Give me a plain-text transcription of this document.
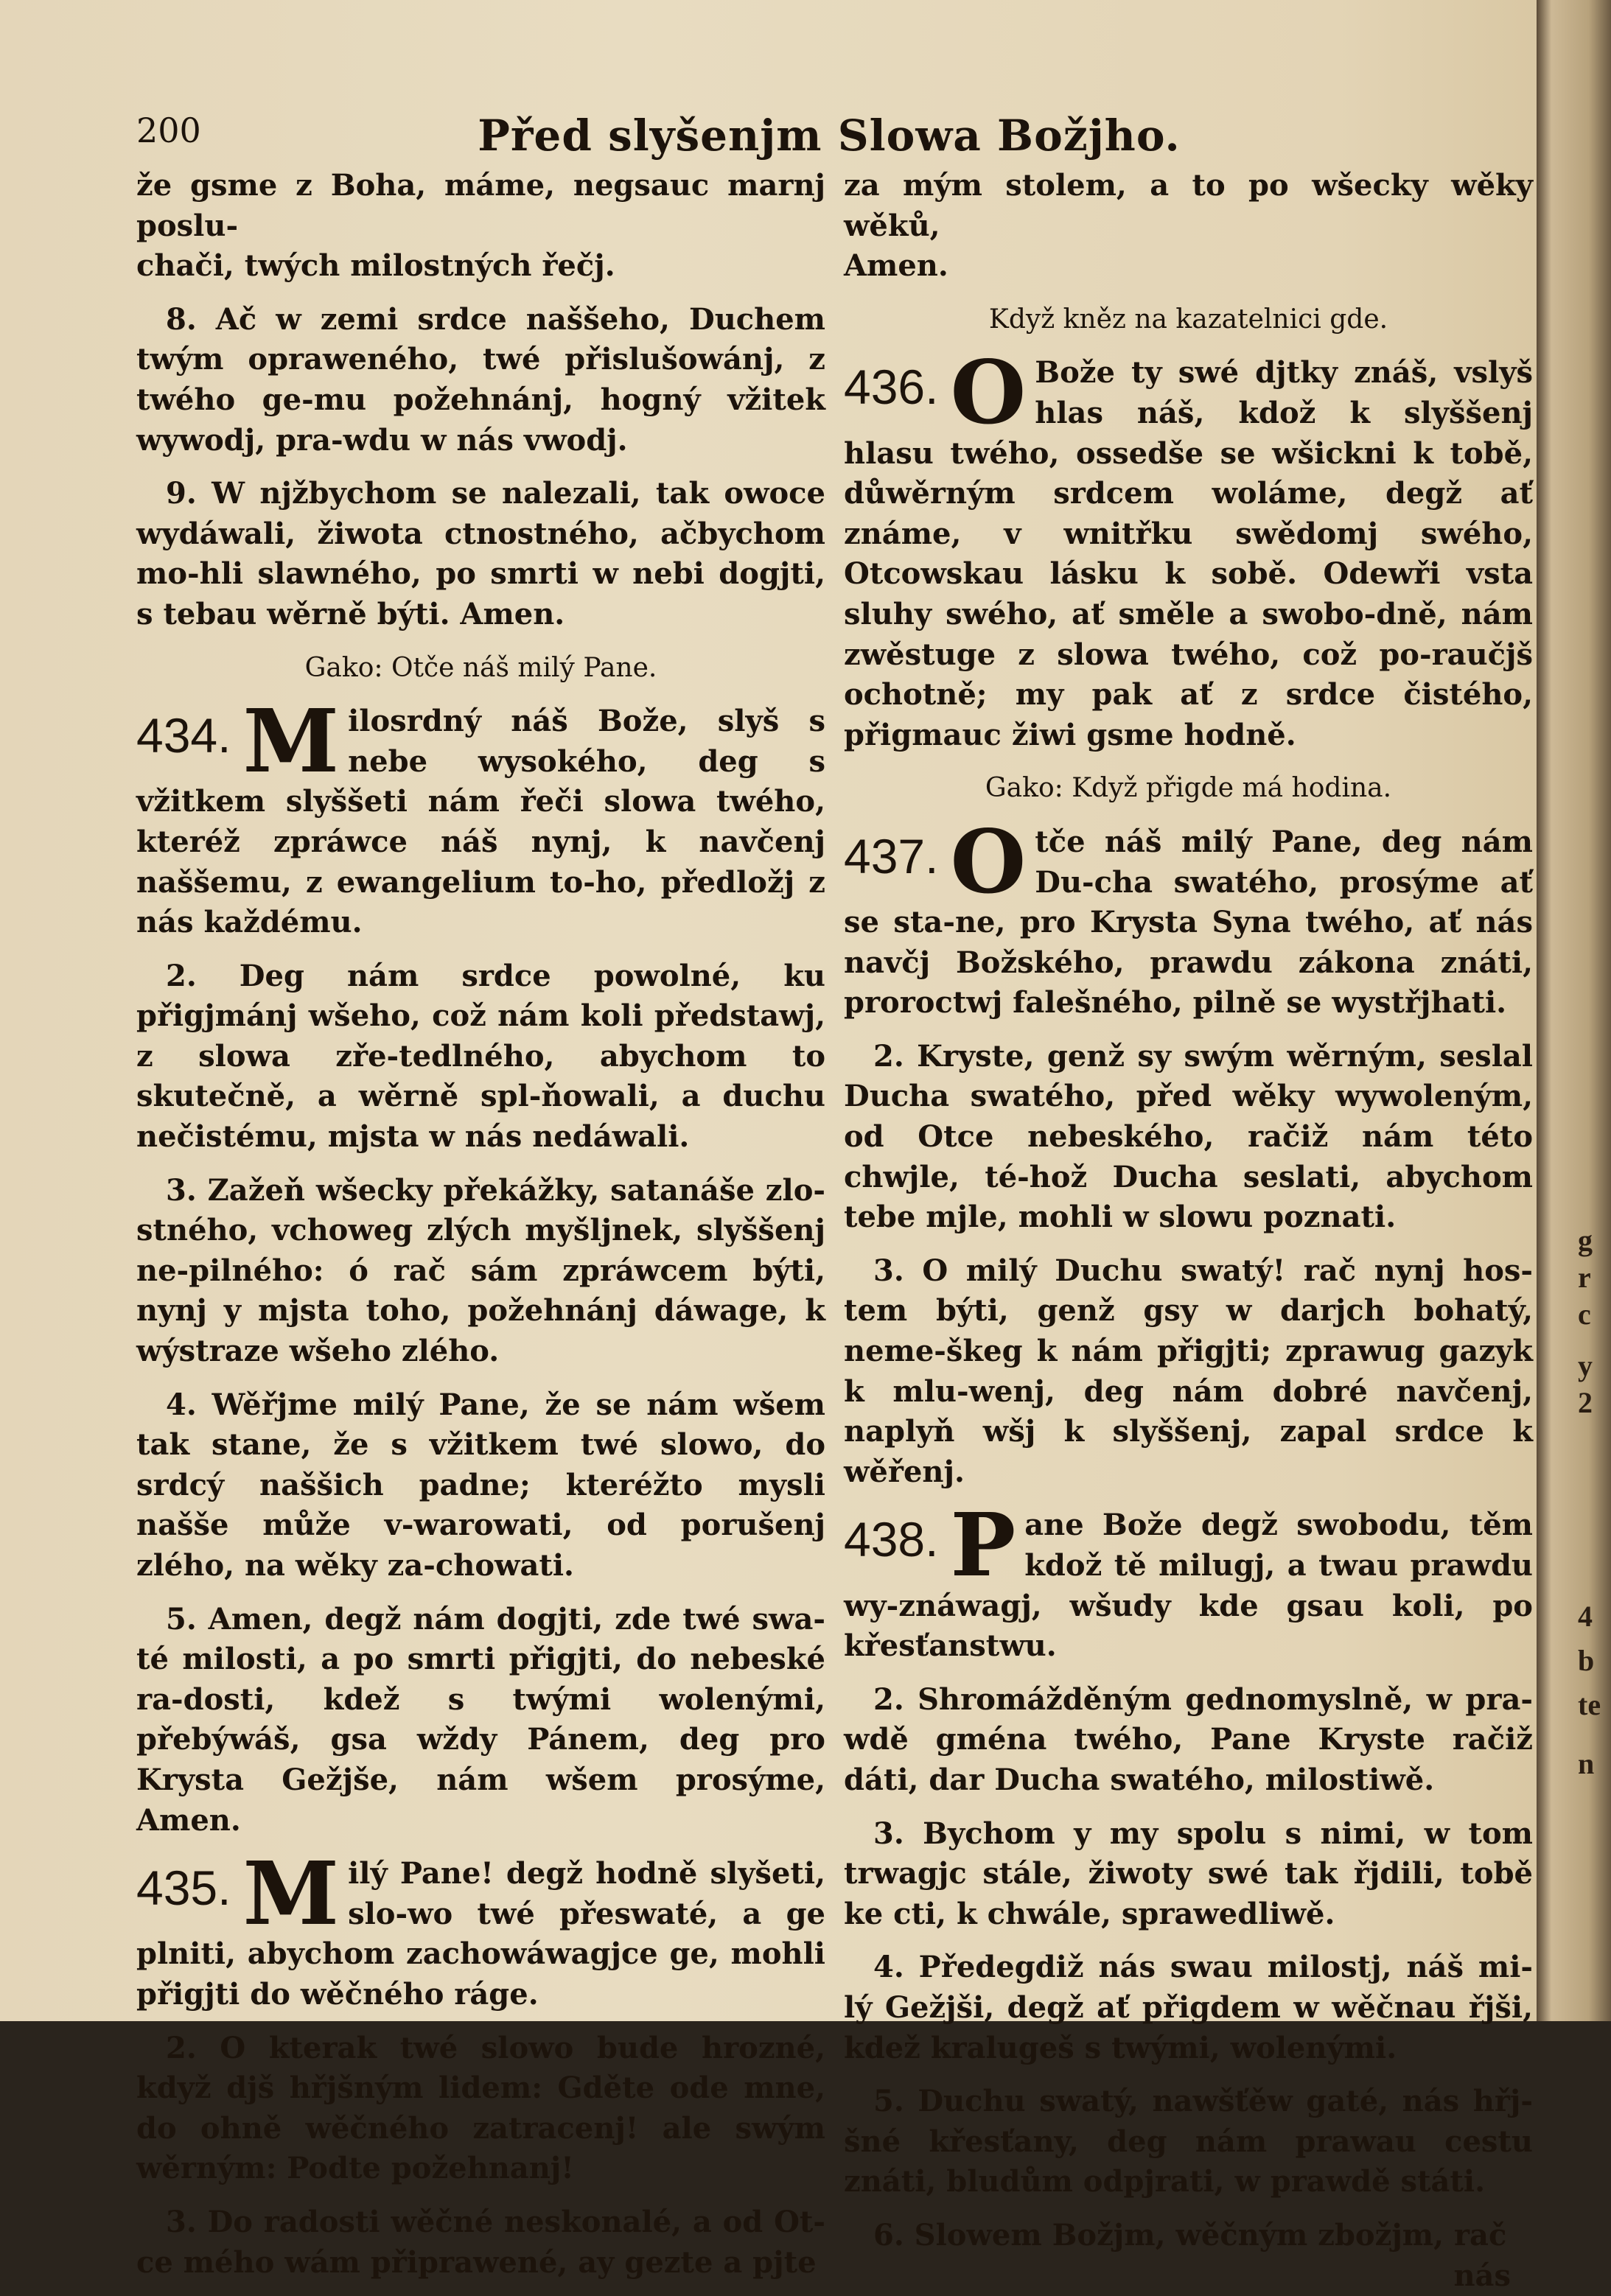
200	Před slyšenjm Slowa Božjho.

že gsme z Boha, máme, negsauc marnj poslu-

chači, twých milostných řečj.

8. Ač w zemi srdce naššeho, Duchem twým opraweného, twé přislušowánj, z twého ge-mu požehnánj, hogný vžitek wywodj, pra-wdu w nás vwodj.

9. W njžbychom se nalezali, tak owoce wydáwali, žiwota ctnostného, ačbychom mo-hli slawného, po smrti w nebi dogjti, s tebau wěrně býti. Amen.

Gako: Otče náš milý Pane.

434. M ilosrdný náš Bože, slyš s nebe wysokého, deg s vžitkem slyššeti nám řeči slowa twého, kteréž zpráwce náš nynj, k navčenj naššemu, z ewangelium to-ho, předložj z nás každému.

2. Deg nám srdce powolné, ku přigjmánj wšeho, což nám koli předstawj, z slowa zře-tedlného, abychom to skutečně, a wěrně spl-ňowali, a duchu nečistému, mjsta w nás nedáwali.

3. Zažeň wšecky překážky, satanáše zlo-stného, vchoweg zlých myšljnek, slyššenj ne-pilného: ó rač sám zpráwcem býti, nynj y mjsta toho, požehnánj dáwage, k wýstraze wšeho zlého.

4. Wěřjme milý Pane, že se nám wšem tak stane, že s vžitkem twé slowo, do srdcý naššich padne; kteréžto mysli našše může v-warowati, od porušenj zlého, na wěky za-chowati.

5. Amen, degž nám dogjti, zde twé swa-té milosti, a po smrti přigjti, do nebeské ra-dosti, kdež s twými wolenými, přebýwáš, gsa wždy Pánem, deg pro Krysta Gežjše, nám wšem prosýme, Amen.

435. M ilý Pane! degž hodně slyšeti, slo-wo twé přeswaté, a ge plniti, abychom zachowáwagjce ge, mohli přigjti do wěčného ráge.

2. O kterak twé slowo bude hrozné, když djš hřjšným lidem: Gděte ode mne, do ohně wěčného zatracenj! ale swým wěrným: Podte požehnanj!

3. Do radosti wěčné neskonalé, a od Ot-ce mého wám připrawené, ay gezte a pjte

za mým stolem, a to po wšecky wěky wěků,

Amen.

Když kněz na kazatelnici gde.

436. O Bože ty swé djtky znáš, vslyš hlas náš, kdož k slyššenj hlasu twého, ossedše se wšickni k tobě, důwěrným srdcem woláme, degž ať známe, v wnitřku swědomj swého, Otcowskau lásku k sobě. Odewři vsta sluhy swého, ať směle a swobo-dně, nám zwěstuge z slowa twého, což po-raučjš ochotně; my pak ať z srdce čistého, přigmauc žiwi gsme hodně.

Gako: Když přigde má hodina.

437. O tče náš milý Pane, deg nám Du-cha swatého, prosýme ať se sta-ne, pro Krysta Syna twého, ať nás navčj Božského, prawdu zákona znáti, proroctwj falešného, pilně se wystřjhati.

2. Kryste, genž sy swým wěrným, seslal Ducha swatého, před wěky wywoleným, od Otce nebeského, račiž nám této chwjle, té-hož Ducha seslati, abychom tebe mjle, mohli w slowu poznati.

3. O milý Duchu swatý! rač nynj hos-tem býti, genž gsy w darjch bohatý, neme-škeg k nám přigjti; zprawug gazyk k mlu-wenj, deg nám dobré navčenj, naplyň wšj k slyššenj, zapal srdce k wěřenj.

438. P ane Bože degž swobodu, těm kdož tě milugj, a twau prawdu wy-znáwagj, wšudy kde gsau koli, po křesťanstwu.

2. Shromážděným gednomyslně, w pra-wdě gména twého, Pane Kryste račiž dáti, dar Ducha swatého, milostiwě.

3. Bychom y my spolu s nimi, w tom trwagjc stále, žiwoty swé tak řjdili, tobě ke cti, k chwále, sprawedliwě.

4. Předegdiž nás swau milostj, náš mi-lý Gežjši, degž ať přigdem w wěčnau řjši, kdež kralugeš s twými, wolenými.

5. Duchu swatý, nawšťěw gaté, nás hřj-šné křesťany, deg nám prawau cestu znáti, bludům odpjrati, w prawdě státi.

6. Slowem Božjm, wěčným zbožjm, rač

nás

g
r
c
y
2
4
b
te
n
